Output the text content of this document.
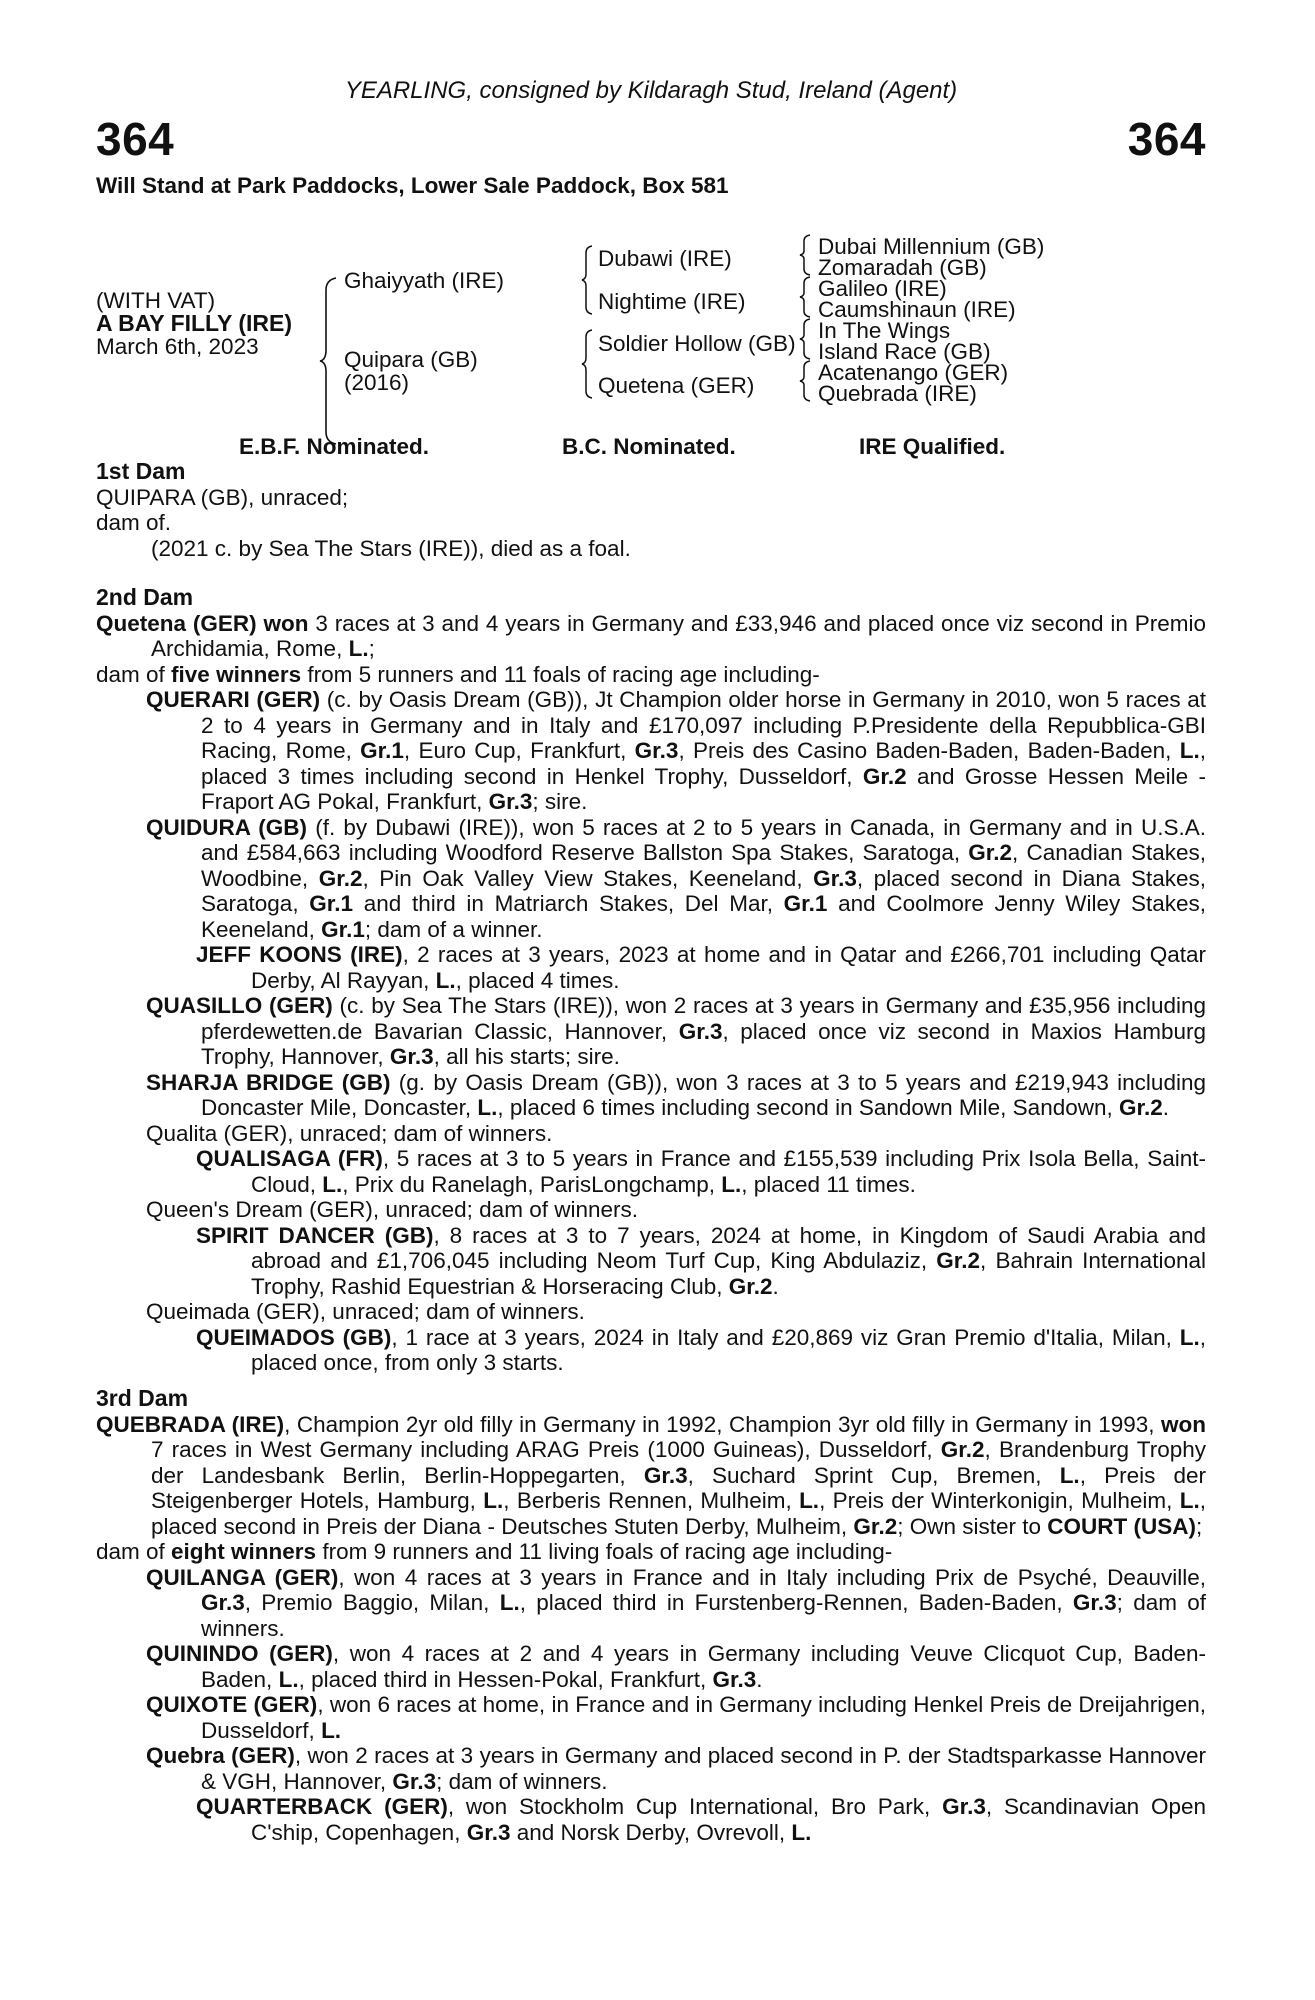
YEARLING, consigned by Kildaragh Stud, Ireland (Agent)
364	364
Will Stand at Park Paddocks, Lower Sale Paddock, Box 581
(WITH VAT)
A BAY FILLY (IRE)
March 6th, 2023
Ghaiyyath (IRE)
Quipara (GB)
(2016)
Dubawi (IRE)
Nightime (IRE)
Soldier Hollow (GB)
Quetena (GER)
Dubai Millennium (GB)
Zomaradah (GB)
Galileo (IRE)
Caumshinaun (IRE)
In The Wings
Island Race (GB)
Acatenango (GER)
Quebrada (IRE)
E.B.F. Nominated.	B.C. Nominated.	IRE Qualified.
1st Dam

QUIPARA (GB), unraced;

dam of.

(2021 c. by Sea The Stars (IRE)), died as a foal.

2nd Dam

Quetena (GER) won 3 races at 3 and 4 years in Germany and £33,946 and placed once viz second in Premio Archidamia, Rome, L.;

dam of five winners from 5 runners and 11 foals of racing age including-

QUERARI (GER) (c. by Oasis Dream (GB)), Jt Champion older horse in Germany in 2010, won 5 races at 2 to 4 years in Germany and in Italy and £170,097 including P.Presidente della Repubblica-GBI Racing, Rome, Gr.1, Euro Cup, Frankfurt, Gr.3, Preis des Casino Baden-Baden, Baden-Baden, L., placed 3 times including second in Henkel Trophy, Dusseldorf, Gr.2 and Grosse Hessen Meile - Fraport AG Pokal, Frankfurt, Gr.3; sire.

QUIDURA (GB) (f. by Dubawi (IRE)), won 5 races at 2 to 5 years in Canada, in Germany and in U.S.A. and £584,663 including Woodford Reserve Ballston Spa Stakes, Saratoga, Gr.2, Canadian Stakes, Woodbine, Gr.2, Pin Oak Valley View Stakes, Keeneland, Gr.3, placed second in Diana Stakes, Saratoga, Gr.1 and third in Matriarch Stakes, Del Mar, Gr.1 and Coolmore Jenny Wiley Stakes, Keeneland, Gr.1; dam of a winner.

JEFF KOONS (IRE), 2 races at 3 years, 2023 at home and in Qatar and £266,701 including Qatar Derby, Al Rayyan, L., placed 4 times.

QUASILLO (GER) (c. by Sea The Stars (IRE)), won 2 races at 3 years in Germany and £35,956 including pferdewetten.de Bavarian Classic, Hannover, Gr.3, placed once viz second in Maxios Hamburg Trophy, Hannover, Gr.3, all his starts; sire.

SHARJA BRIDGE (GB) (g. by Oasis Dream (GB)), won 3 races at 3 to 5 years and £219,943 including Doncaster Mile, Doncaster, L., placed 6 times including second in Sandown Mile, Sandown, Gr.2.

Qualita (GER), unraced; dam of winners.

QUALISAGA (FR), 5 races at 3 to 5 years in France and £155,539 including Prix Isola Bella, Saint-Cloud, L., Prix du Ranelagh, ParisLongchamp, L., placed 11 times.

Queen's Dream (GER), unraced; dam of winners.

SPIRIT DANCER (GB), 8 races at 3 to 7 years, 2024 at home, in Kingdom of Saudi Arabia and abroad and £1,706,045 including Neom Turf Cup, King Abdulaziz, Gr.2, Bahrain International Trophy, Rashid Equestrian & Horseracing Club, Gr.2.

Queimada (GER), unraced; dam of winners.

QUEIMADOS (GB), 1 race at 3 years, 2024 in Italy and £20,869 viz Gran Premio d'Italia, Milan, L., placed once, from only 3 starts.

3rd Dam

QUEBRADA (IRE), Champion 2yr old filly in Germany in 1992, Champion 3yr old filly in Germany in 1993, won 7 races in West Germany including ARAG Preis (1000 Guineas), Dusseldorf, Gr.2, Brandenburg Trophy der Landesbank Berlin, Berlin-Hoppegarten, Gr.3, Suchard Sprint Cup, Bremen, L., Preis der Steigenberger Hotels, Hamburg, L., Berberis Rennen, Mulheim, L., Preis der Winterkonigin, Mulheim, L., placed second in Preis der Diana - Deutsches Stuten Derby, Mulheim, Gr.2; Own sister to COURT (USA);

dam of eight winners from 9 runners and 11 living foals of racing age including-

QUILANGA (GER), won 4 races at 3 years in France and in Italy including Prix de Psyché, Deauville, Gr.3, Premio Baggio, Milan, L., placed third in Furstenberg-Rennen, Baden-Baden, Gr.3; dam of winners.

QUININDO (GER), won 4 races at 2 and 4 years in Germany including Veuve Clicquot Cup, Baden-Baden, L., placed third in Hessen-Pokal, Frankfurt, Gr.3.

QUIXOTE (GER), won 6 races at home, in France and in Germany including Henkel Preis de Dreijahrigen, Dusseldorf, L.

Quebra (GER), won 2 races at 3 years in Germany and placed second in P. der Stadtsparkasse Hannover & VGH, Hannover, Gr.3; dam of winners.

QUARTERBACK (GER), won Stockholm Cup International, Bro Park, Gr.3, Scandinavian Open C'ship, Copenhagen, Gr.3 and Norsk Derby, Ovrevoll, L.
